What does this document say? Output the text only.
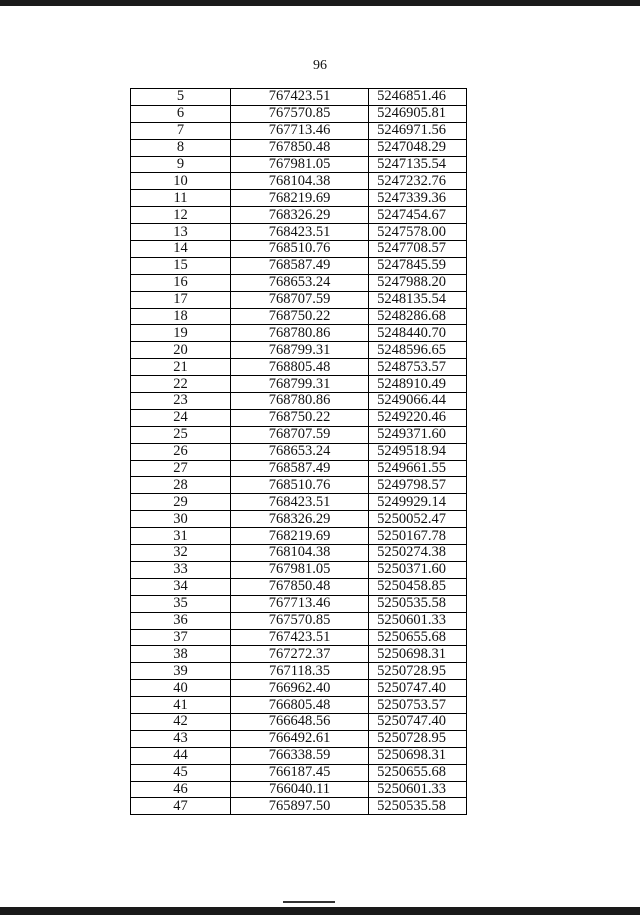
96
5	767423.51	5246851.46
6	767570.85	5246905.81
7	767713.46	5246971.56
8	767850.48	5247048.29
9	767981.05	5247135.54
10	768104.38	5247232.76
11	768219.69	5247339.36
12	768326.29	5247454.67
13	768423.51	5247578.00
14	768510.76	5247708.57
15	768587.49	5247845.59
16	768653.24	5247988.20
17	768707.59	5248135.54
18	768750.22	5248286.68
19	768780.86	5248440.70
20	768799.31	5248596.65
21	768805.48	5248753.57
22	768799.31	5248910.49
23	768780.86	5249066.44
24	768750.22	5249220.46
25	768707.59	5249371.60
26	768653.24	5249518.94
27	768587.49	5249661.55
28	768510.76	5249798.57
29	768423.51	5249929.14
30	768326.29	5250052.47
31	768219.69	5250167.78
32	768104.38	5250274.38
33	767981.05	5250371.60
34	767850.48	5250458.85
35	767713.46	5250535.58
36	767570.85	5250601.33
37	767423.51	5250655.68
38	767272.37	5250698.31
39	767118.35	5250728.95
40	766962.40	5250747.40
41	766805.48	5250753.57
42	766648.56	5250747.40
43	766492.61	5250728.95
44	766338.59	5250698.31
45	766187.45	5250655.68
46	766040.11	5250601.33
47	765897.50	5250535.58
